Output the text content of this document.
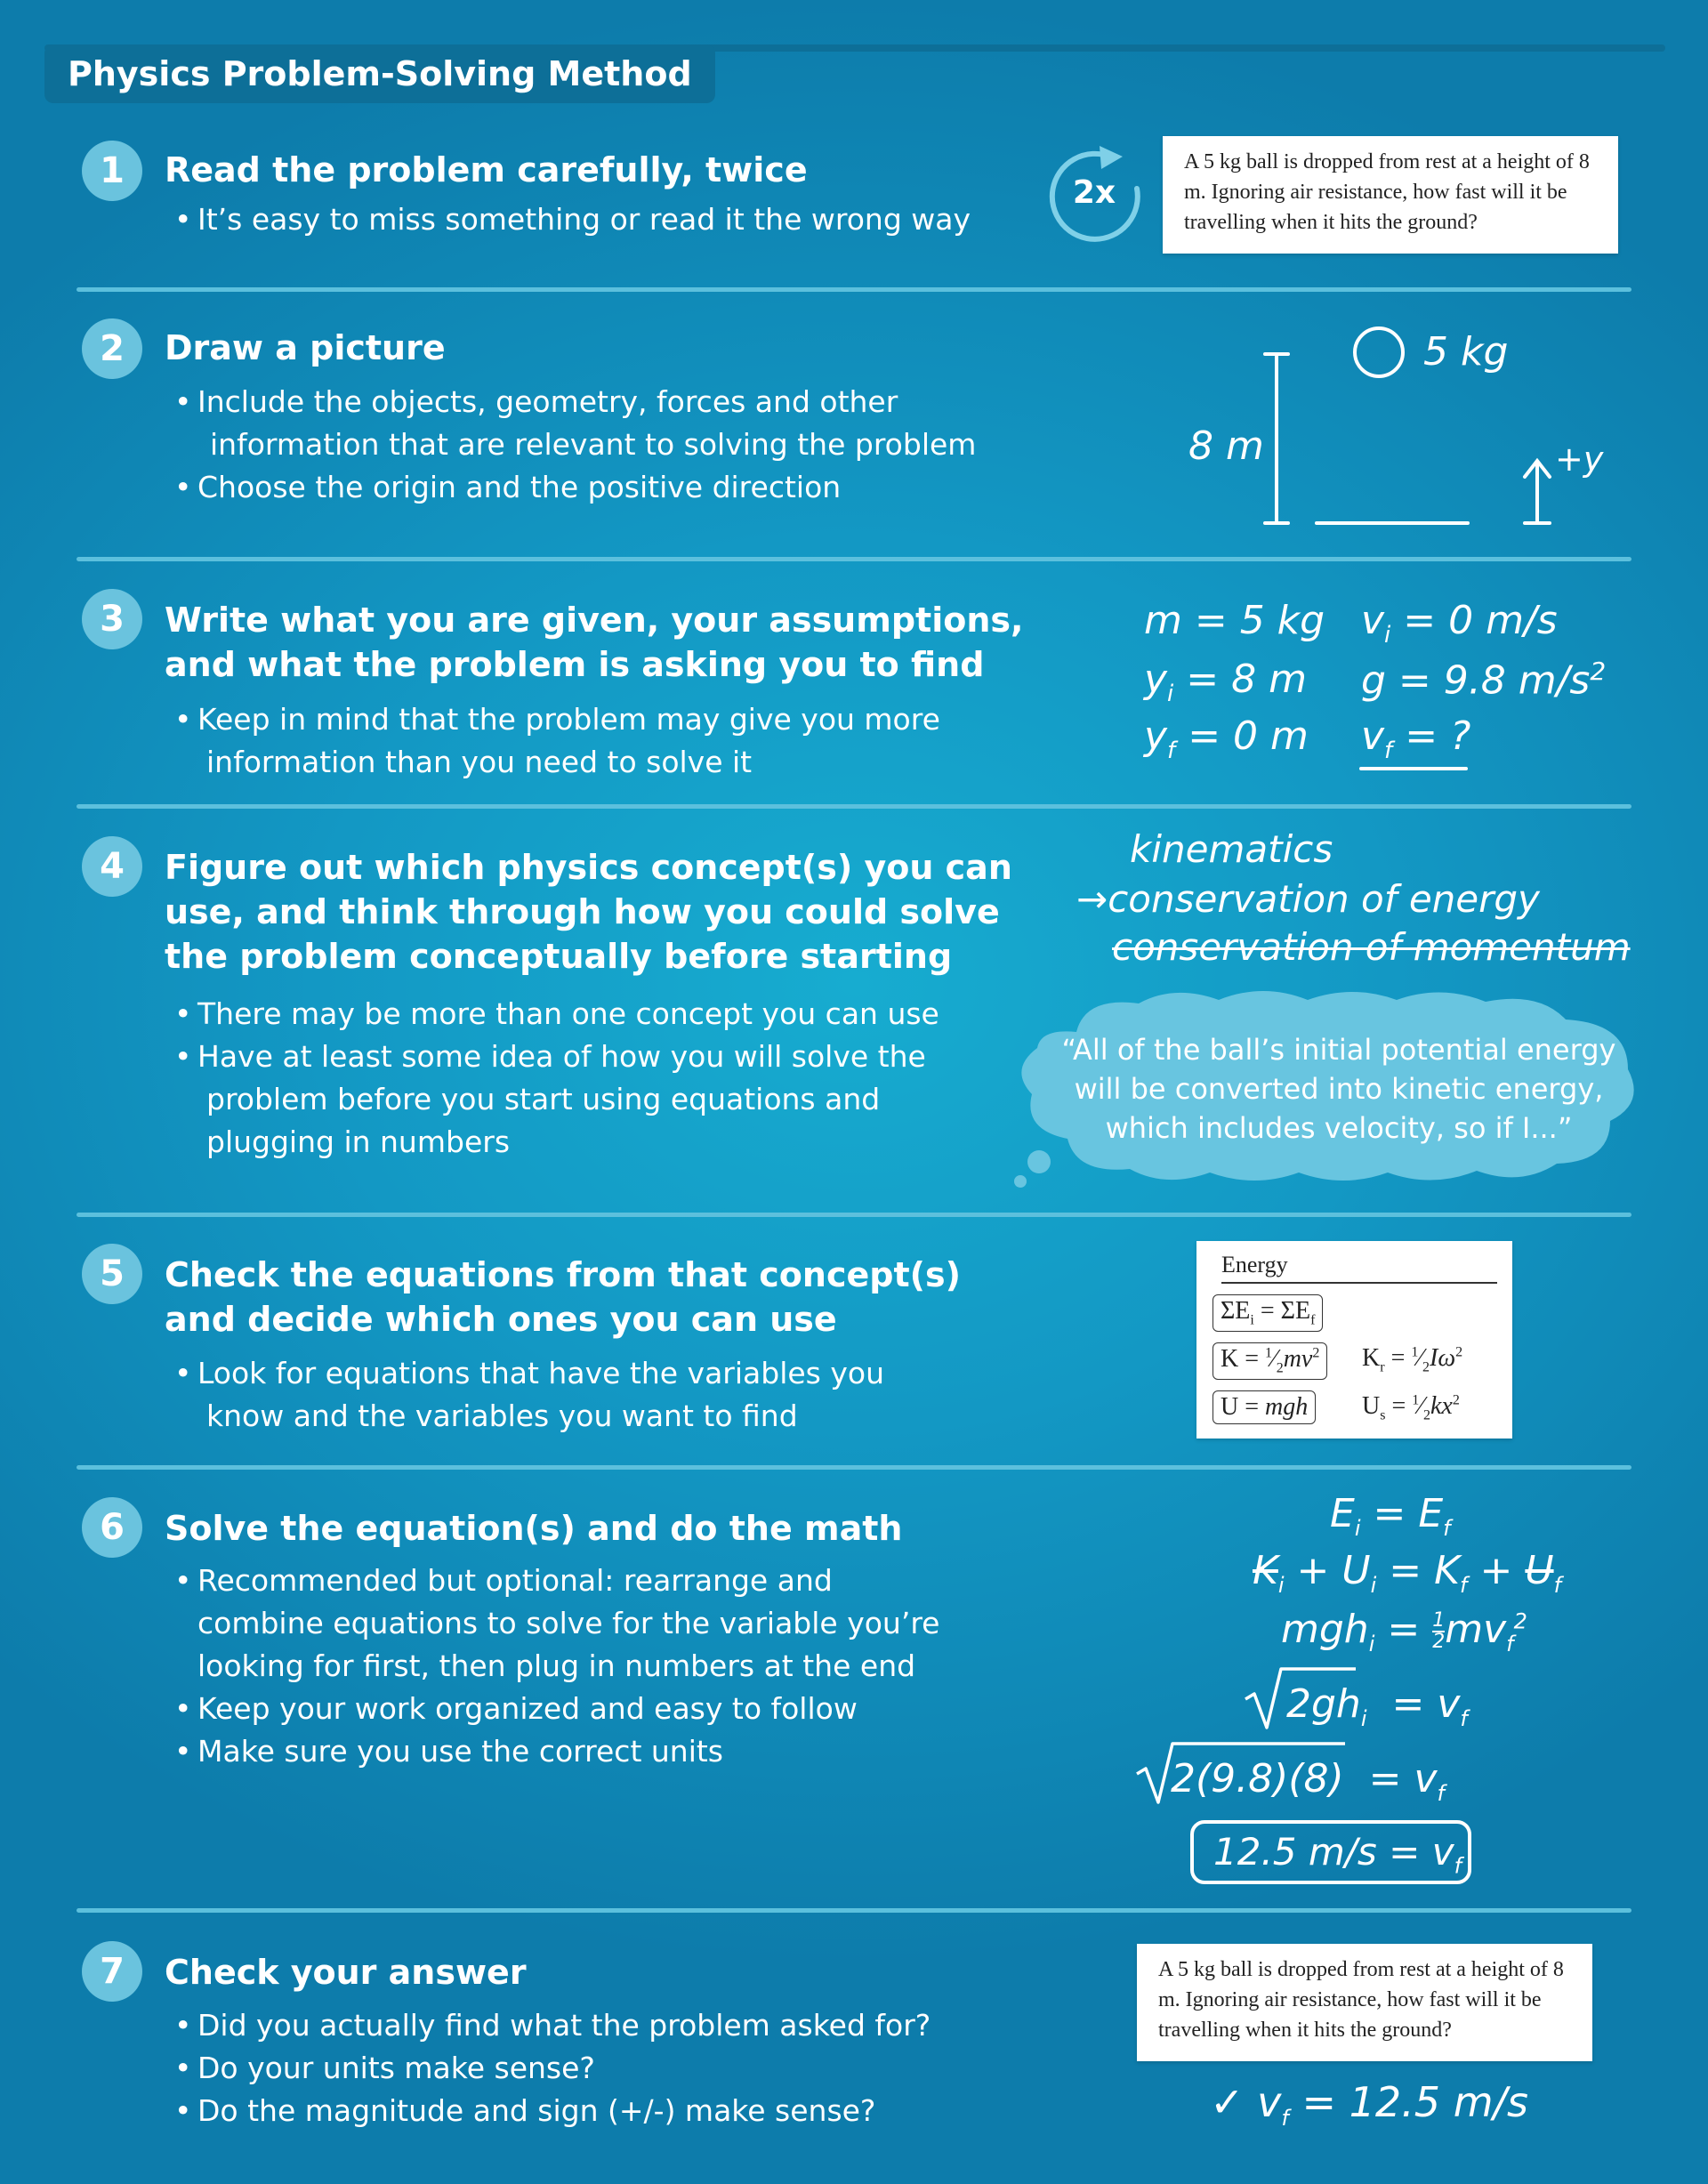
Physics Problem-Solving Method
1	Read the problem carefully, twice
• It’s easy to miss something or read it the wrong way
2x
A 5 kg ball is dropped from rest at a height of 8 m. Ignoring air resistance, how fast will it be travelling when it hits the ground?
2	Draw a picture
• Include the objects, geometry, forces and other
information that are relevant to solving the problem
• Choose the origin and the positive direction
5 kg
8 m	+y
3	Write what you are given, your assumptions,
and what the problem is asking you to find
• Keep in mind that the problem may give you more
information than you need to solve it
m = 5 kg $v_i = 0$ m/s
$y_i = 8$ m g = 9.8 $m/s^2$
$y_f = 0$ m $v_f$ = ?
4	Figure out which physics concept(s) you can
use, and think through how you could solve
the problem conceptually before starting
• There may be more than one concept you can use
• Have at least some idea of how you will solve the
problem before you start using equations and
plugging in numbers
kinematics
→conservation of energy
conservation of momentum
“All of the ball’s initial potential energy will be converted into kinetic energy, which includes velocity, so if I...”
5	Check the equations from that concept(s)
and decide which ones you can use
• Look for equations that have the variables you
know and the variables you want to find
Energy
$\Sigma E_i = \Sigma E_f$
$K = ^1⁄_2mv^2$	$K_r$ = $^1⁄_2I\omega^2$
U = mgh	$U_s$ = $^1⁄_2kx^2$
6	Solve the equation(s) and do the math
• Recommended but optional: rearrange and
combine equations to solve for the variable you’re
looking for first, then plug in numbers at the end
• Keep your work organized and easy to follow
• Make sure you use the correct units
$E_i = E_f$
$K_i + U_i = K_f + U_f$
$mgh_i = \frac{1}{2} mv_f^2$
$2gh_i = v_f$
$2(9.8)(8) = v_f$
12.5 $m/s = v_f$
7	Check your answer
• Did you actually find what the problem asked for?
• Do your units make sense?
• Do the magnitude and sign (+/-) make sense?
A 5 kg ball is dropped from rest at a height of 8 m. Ignoring air resistance, how fast will it be travelling when it hits the ground?
✓ $v_f = 12.5$ m/s
